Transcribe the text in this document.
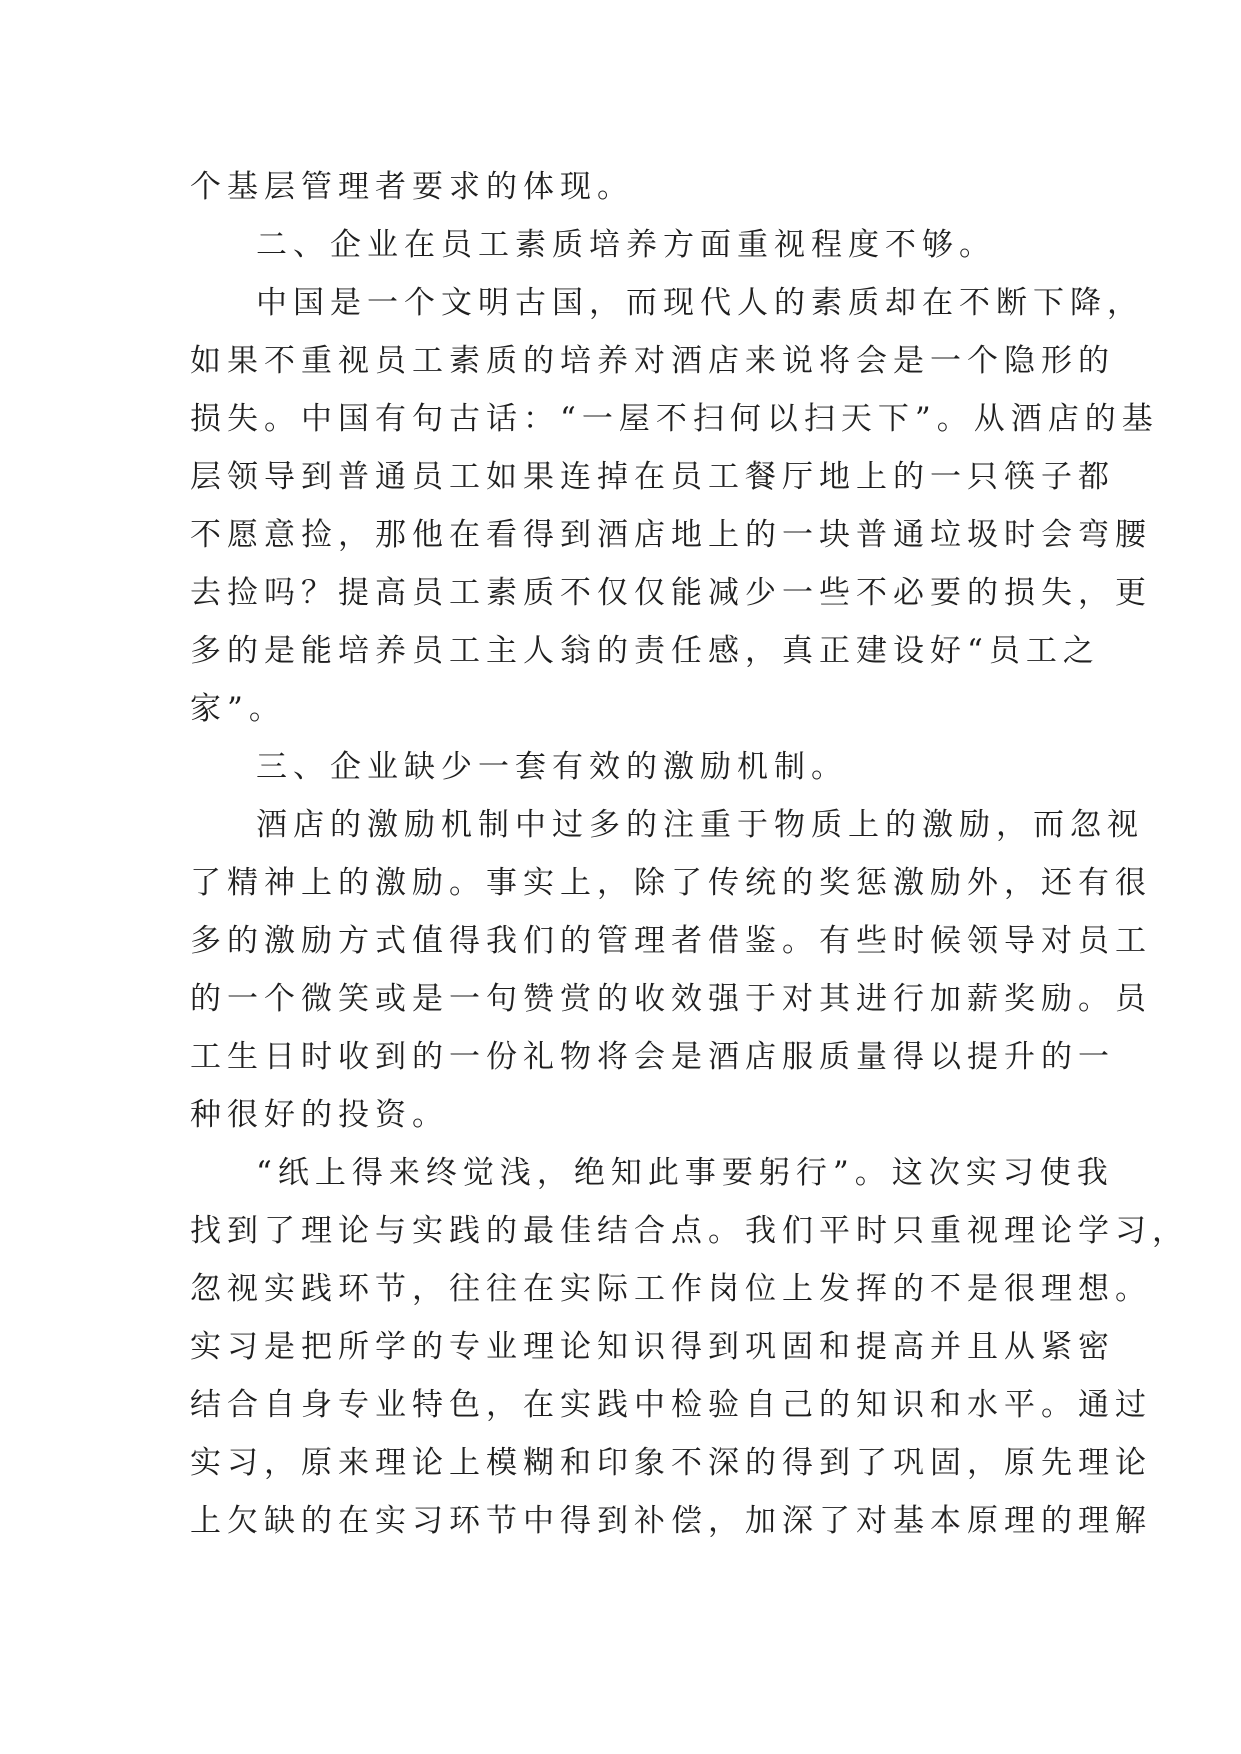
个基层管理者要求的体现。
二、企业在员工素质培养方面重视程度不够。
中国是一个文明古国，而现代人的素质却在不断下降，
如果不重视员工素质的培养对酒店来说将会是一个隐形的
损失。中国有句古话：“一屋不扫何以扫天下”。从酒店的基
层领导到普通员工如果连掉在员工餐厅地上的一只筷子都
不愿意捡，那他在看得到酒店地上的一块普通垃圾时会弯腰
去捡吗？提高员工素质不仅仅能减少一些不必要的损失，更
多的是能培养员工主人翁的责任感，真正建设好“员工之
家”。
三、企业缺少一套有效的激励机制。
酒店的激励机制中过多的注重于物质上的激励，而忽视
了精神上的激励。事实上，除了传统的奖惩激励外，还有很
多的激励方式值得我们的管理者借鉴。有些时候领导对员工
的一个微笑或是一句赞赏的收效强于对其进行加薪奖励。员
工生日时收到的一份礼物将会是酒店服质量得以提升的一
种很好的投资。
“纸上得来终觉浅，绝知此事要躬行”。这次实习使我
找到了理论与实践的最佳结合点。我们平时只重视理论学习，
忽视实践环节，往往在实际工作岗位上发挥的不是很理想。
实习是把所学的专业理论知识得到巩固和提高并且从紧密
结合自身专业特色，在实践中检验自己的知识和水平。通过
实习，原来理论上模糊和印象不深的得到了巩固，原先理论
上欠缺的在实习环节中得到补偿，加深了对基本原理的理解
